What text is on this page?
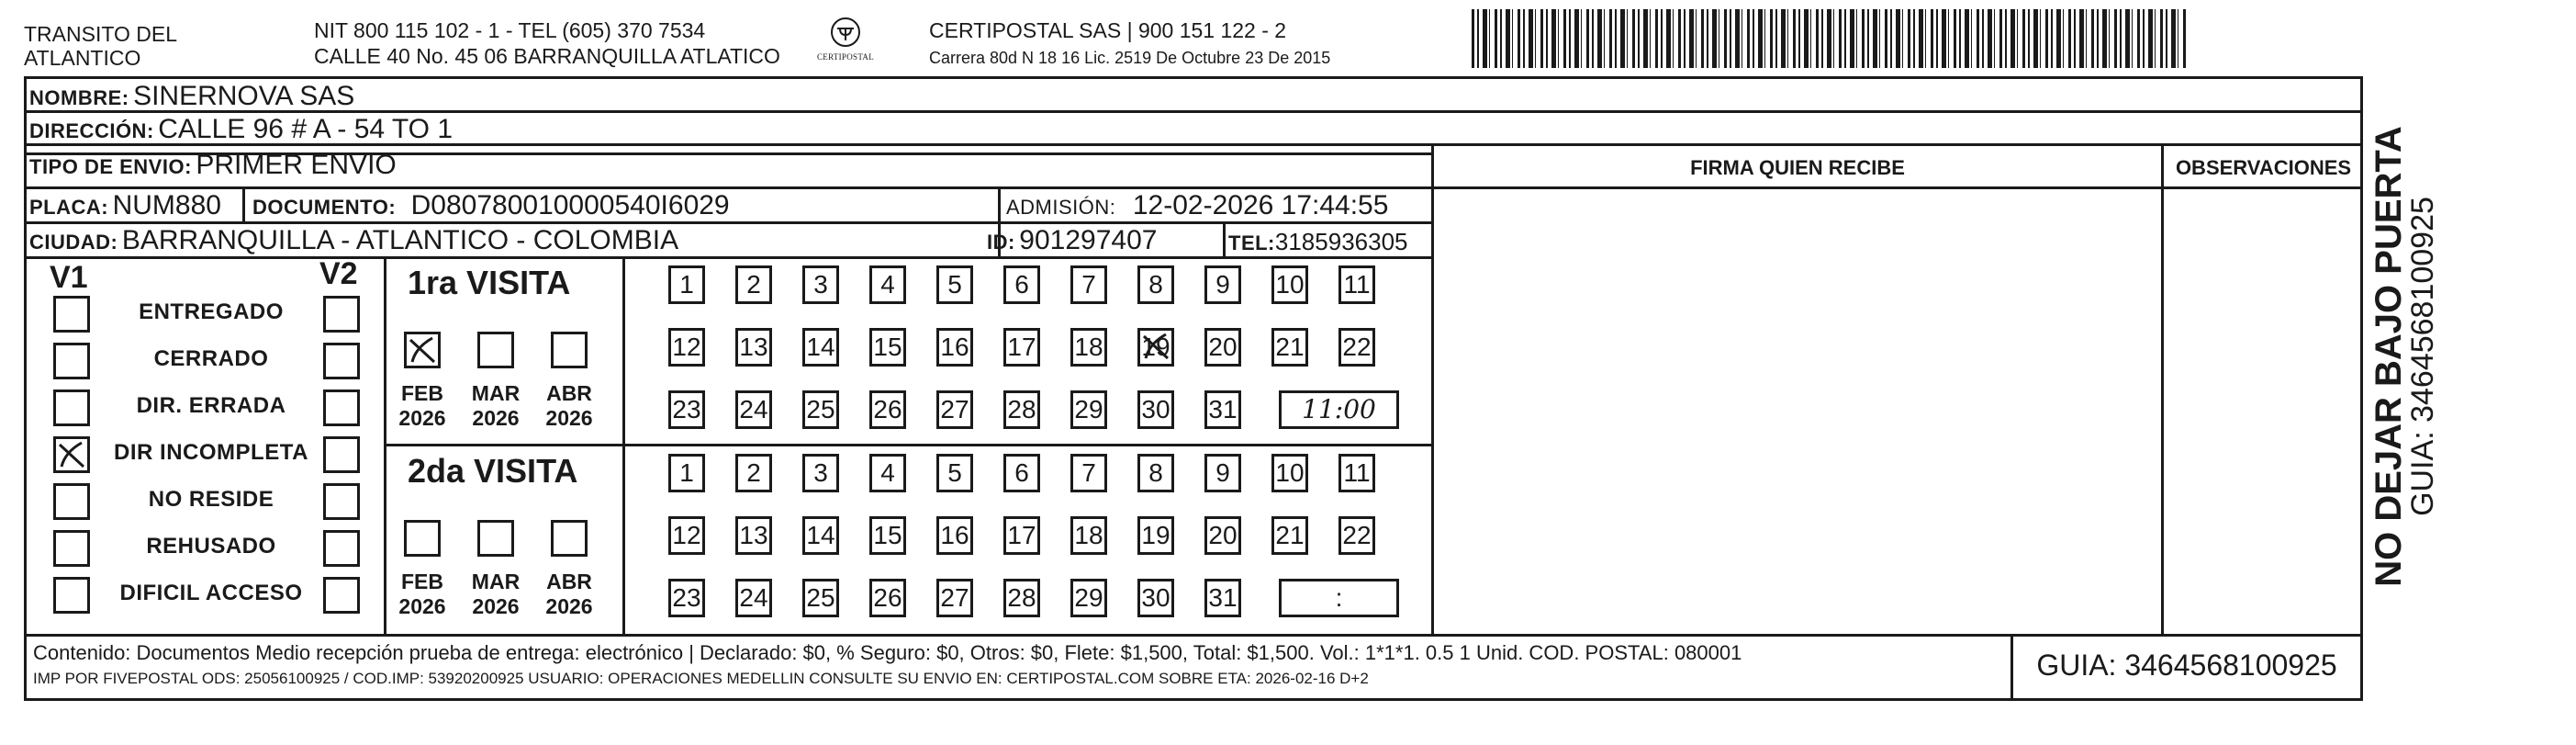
TRANSITO DEL
ATLANTICO
NIT 800 115 102 - 1 - TEL (605) 370 7534
CALLE 40 No. 45 06 BARRANQUILLA ATLATICO	CERTIPOSTAL
CERTIPOSTAL SAS | 900 151 122 - 2
Carrera 80d N 18 16 Lic. 2519 De Octubre 23 De 2015
NOMBRE: SINERNOVA SAS
DIRECCIÓN: CALLE 96 # A - 54 TO 1
TIPO DE ENVIO: PRIMER ENVIO	FIRMA QUIEN RECIBE	OBSERVACIONES
PLACA: NUM880 DOCUMENTO: D080780010000540I6029	ADMISIÓN: 12-02-2026 17:44:55
CIUDAD: BARRANQUILLA - ATLANTICO - COLOMBIA	ID: 901297407	TEL:3185936305
V1	V2
ENTREGADO
CERRADO
DIR. ERRADA
DIR INCOMPLETA
NO RESIDE
REHUSADO
DIFICIL ACCESO
1ra VISITA
2da VISITA
FEB
2026
MAR
2026
ABR
2026
1	2	3	4	5	6	7	8	9	10 11
12 13 14 15 16 17 18 19 20 21 22
23 24 25 26 27 28 29 30 31	11:00
FEB
2026
MAR
2026
ABR
2026
1	2	3	4	5	6	7	8	9	10 11
12 13 14 15 16 17 18 19 20 21 22
23 24 25 26 27 28 29 30 31	:
Contenido: Documentos Medio recepción prueba de entrega: electrónico | Declarado: $0, % Seguro: $0, Otros: $0, Flete: $1,500, Total: $1,500. Vol.: 1*1*1. 0.5 1 Unid. COD. POSTAL: 080001
IMP POR FIVEPOSTAL ODS: 25056100925 / COD.IMP: 53920200925 USUARIO: OPERACIONES MEDELLIN CONSULTE SU ENVIO EN: CERTIPOSTAL.COM SOBRE ETA: 2026-02-16 D+2	GUIA: 3464568100925
NO DEJAR BAJO PUERTA
GUIA: 3464568100925
